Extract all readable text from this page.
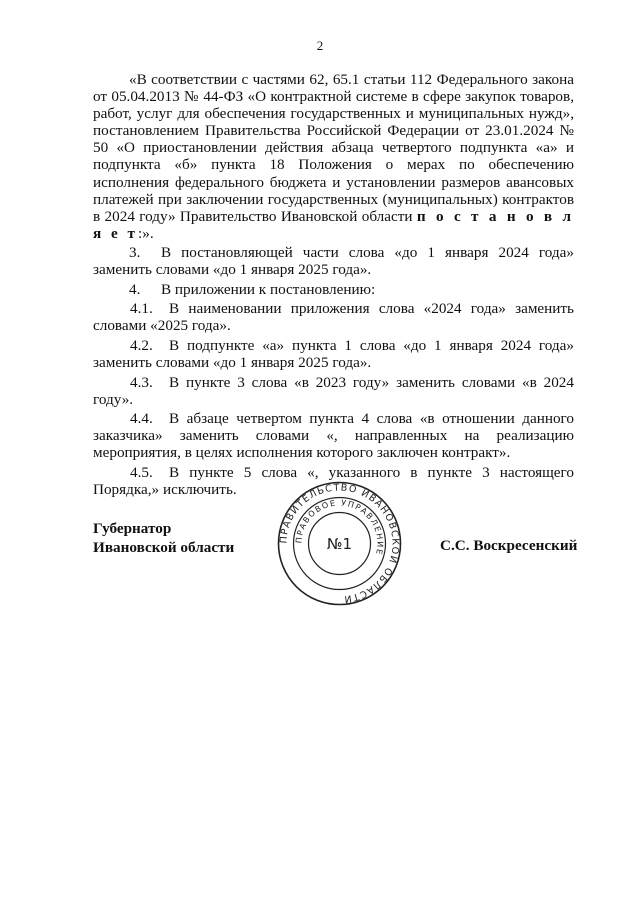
2

«В соответствии с частями 62, 65.1 статьи 112 Федерального закона от 05.04.2013 № 44-ФЗ «О контрактной системе в сфере закупок товаров, работ, услуг для обеспечения государственных и муниципальных нужд», постановлением Правительства Российской Федерации от 23.01.2024 № 50 «О приостановлении действия абзаца четвертого подпункта «а» и подпункта «б» пункта 18 Положения о мерах по обеспечению исполнения федерального бюджета и установлении размеров авансовых платежей при заключении государственных (муниципальных) контрактов в 2024 году» Правительство Ивановской области п о с т а н о в л я е т:».

3. В постановляющей части слова «до 1 января 2024 года» заменить словами «до 1 января 2025 года».

4. В приложении к постановлению:

4.1. В наименовании приложения слова «2024 года» заменить словами «2025 года».

4.2. В подпункте «а» пункта 1 слова «до 1 января 2024 года» заменить словами «до 1 января 2025 года».

4.3. В пункте 3 слова «в 2023 году» заменить словами «в 2024 году».

4.4. В абзаце четвертом пункта 4 слова «в отношении данного заказчика» заменить словами «, направленных на реализацию мероприятия, в целях исполнения которого заключен контракт».

4.5. В пункте 5 слова «, указанного в пункте 3 настоящего Порядка,» исключить.

Губернатор
Ивановской области	ПРАВИТЕЛЬСТВО ИВАНОВСКОЙ ОБЛАСТИ
ПРАВОВОЕ УПРАВЛЕНИЕ
№1	С.С. Воскресенский
